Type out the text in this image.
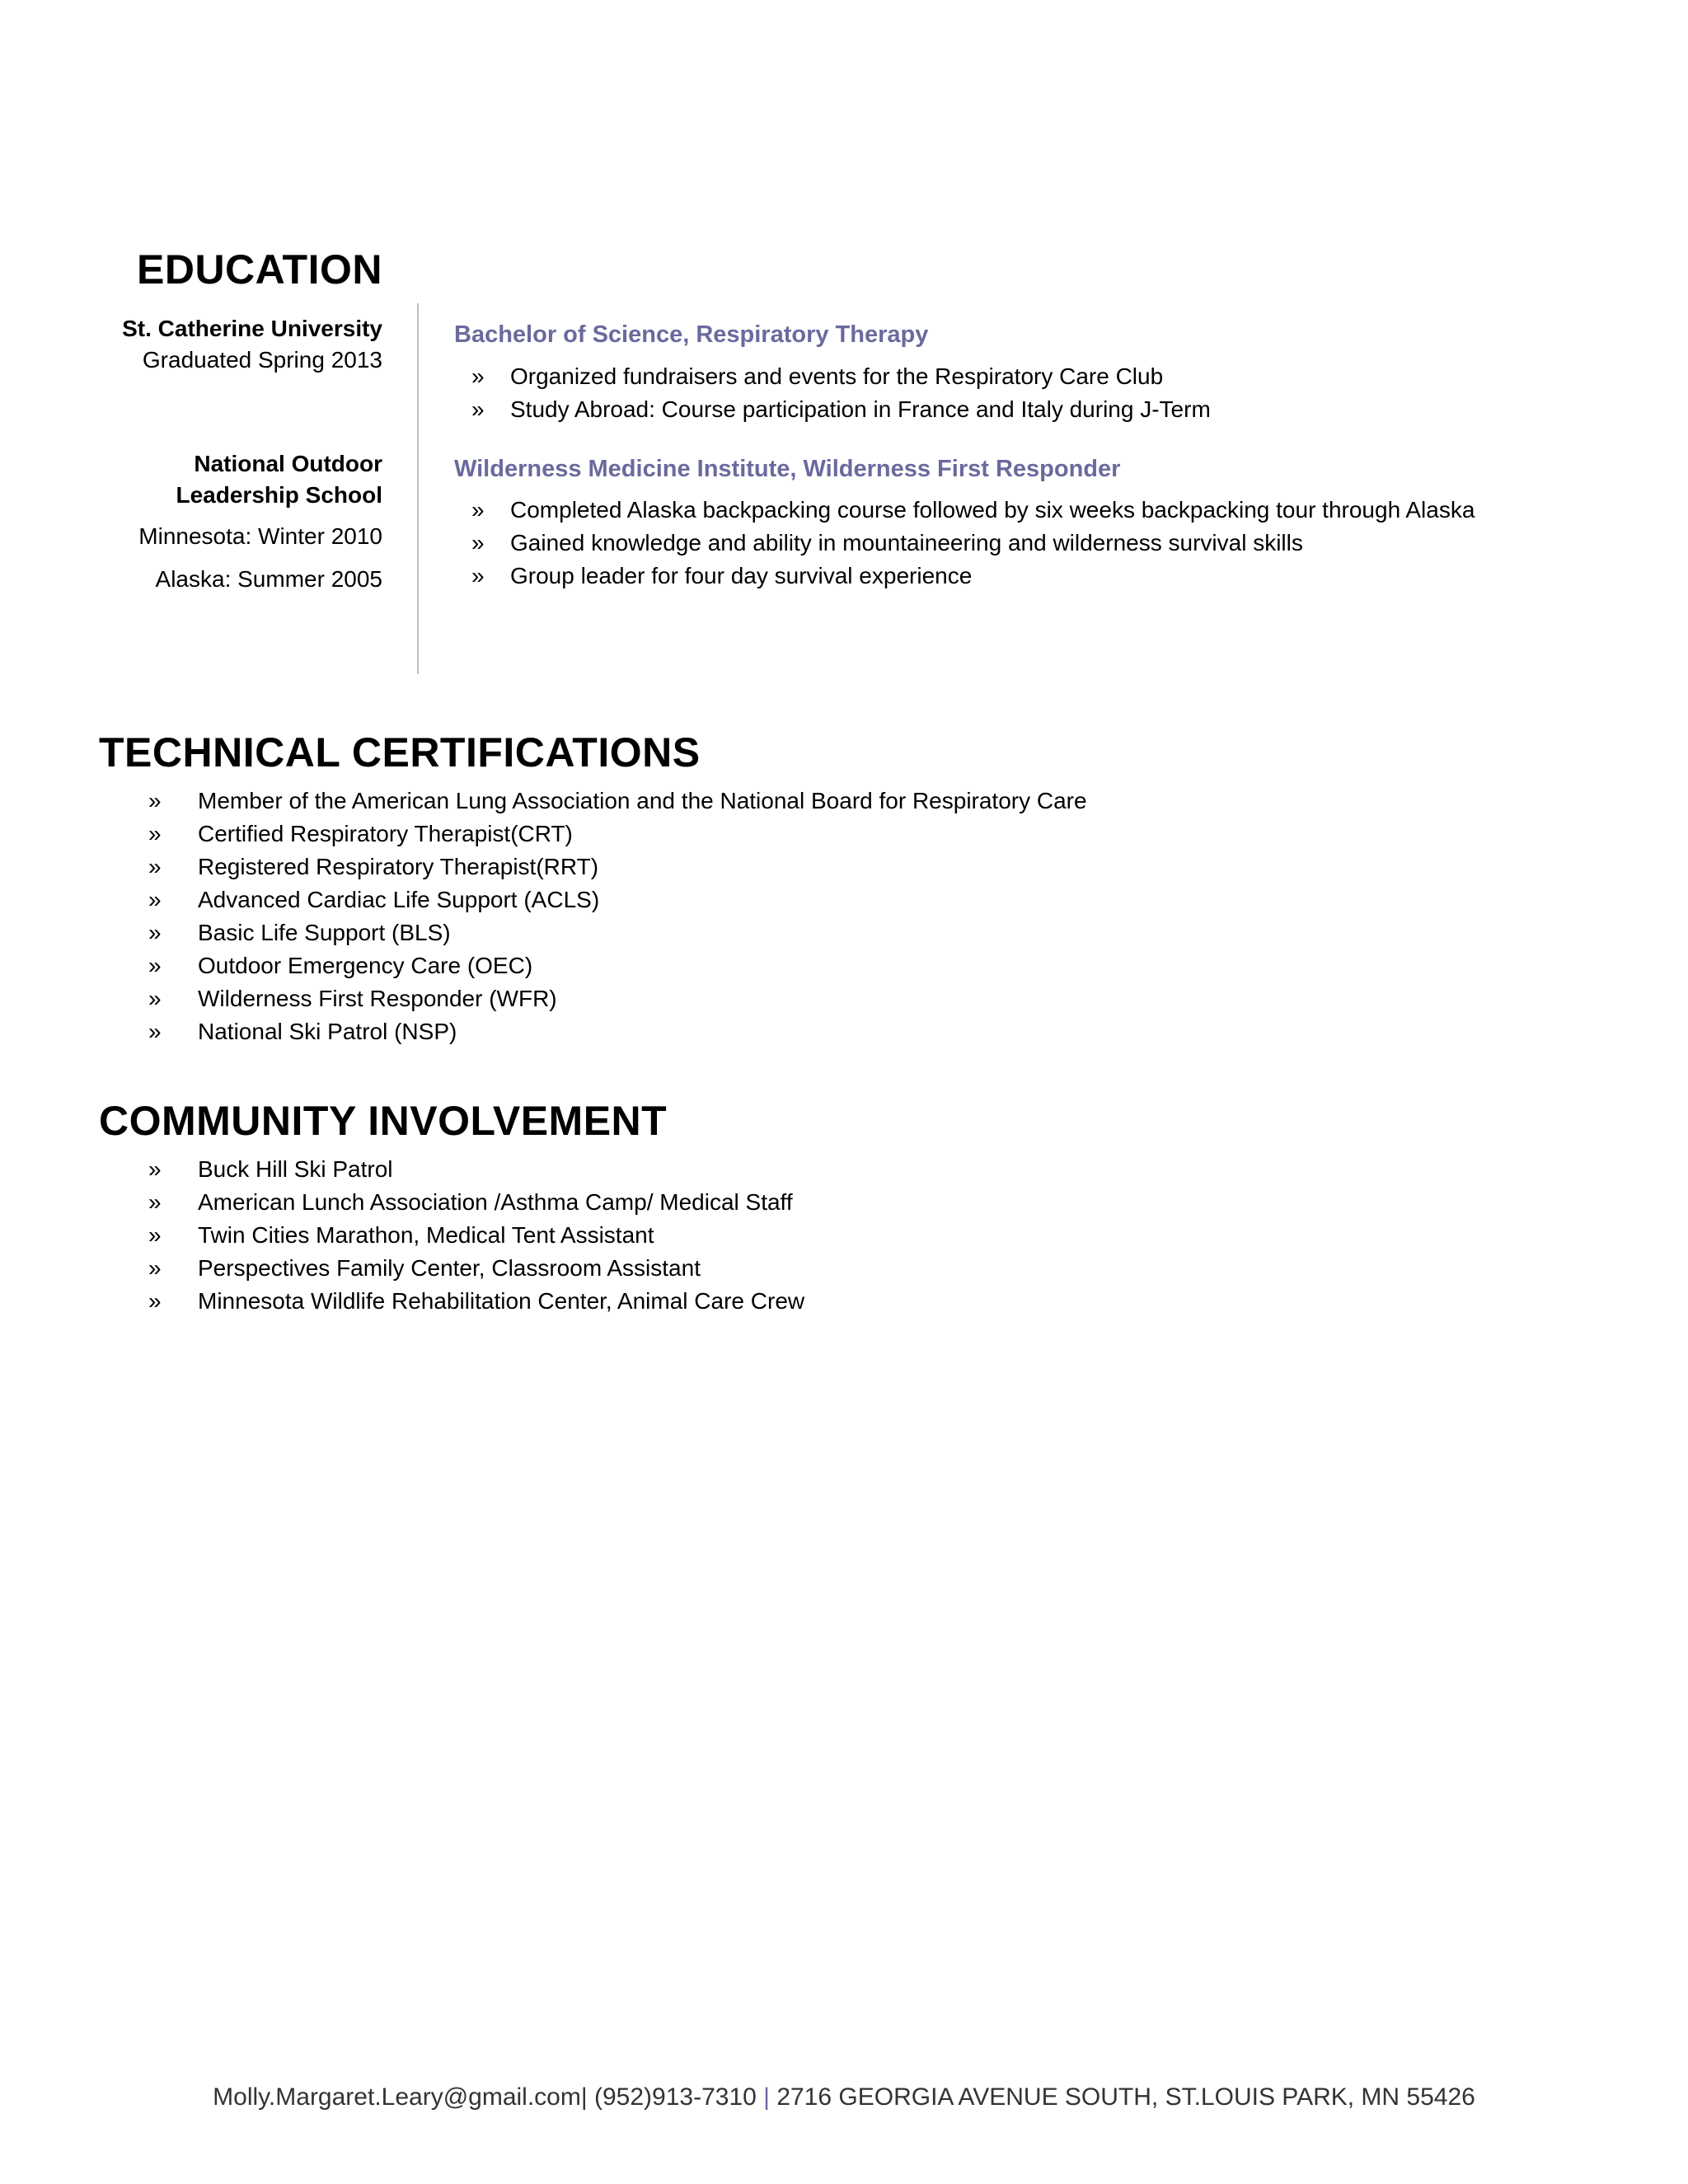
EDUCATION
St. Catherine University
Graduated Spring 2013
Bachelor of Science, Respiratory Therapy
» Organized fundraisers and events for the Respiratory Care Club
» Study Abroad: Course participation in France and Italy during J-Term
National Outdoor
Leadership School
Minnesota: Winter 2010
Alaska: Summer 2005
Wilderness Medicine Institute, Wilderness First Responder
» Completed Alaska backpacking course followed by six weeks backpacking tour through Alaska
» Gained knowledge and ability in mountaineering and wilderness survival skills
» Group leader for four day survival experience
TECHNICAL CERTIFICATIONS
» Member of the American Lung Association and the National Board for Respiratory Care
» Certified Respiratory Therapist(CRT)
» Registered Respiratory Therapist(RRT)
» Advanced Cardiac Life Support (ACLS)
» Basic Life Support (BLS)
» Outdoor Emergency Care (OEC)
» Wilderness First Responder (WFR)
» National Ski Patrol (NSP)
COMMUNITY INVOLVEMENT
» Buck Hill Ski Patrol
» American Lunch Association /Asthma Camp/ Medical Staff
» Twin Cities Marathon, Medical Tent Assistant
» Perspectives Family Center, Classroom Assistant
» Minnesota Wildlife Rehabilitation Center, Animal Care Crew
Molly.Margaret.Leary@gmail.com| (952)913-7310 | 2716 GEORGIA AVENUE SOUTH, ST.LOUIS PARK, MN 55426
